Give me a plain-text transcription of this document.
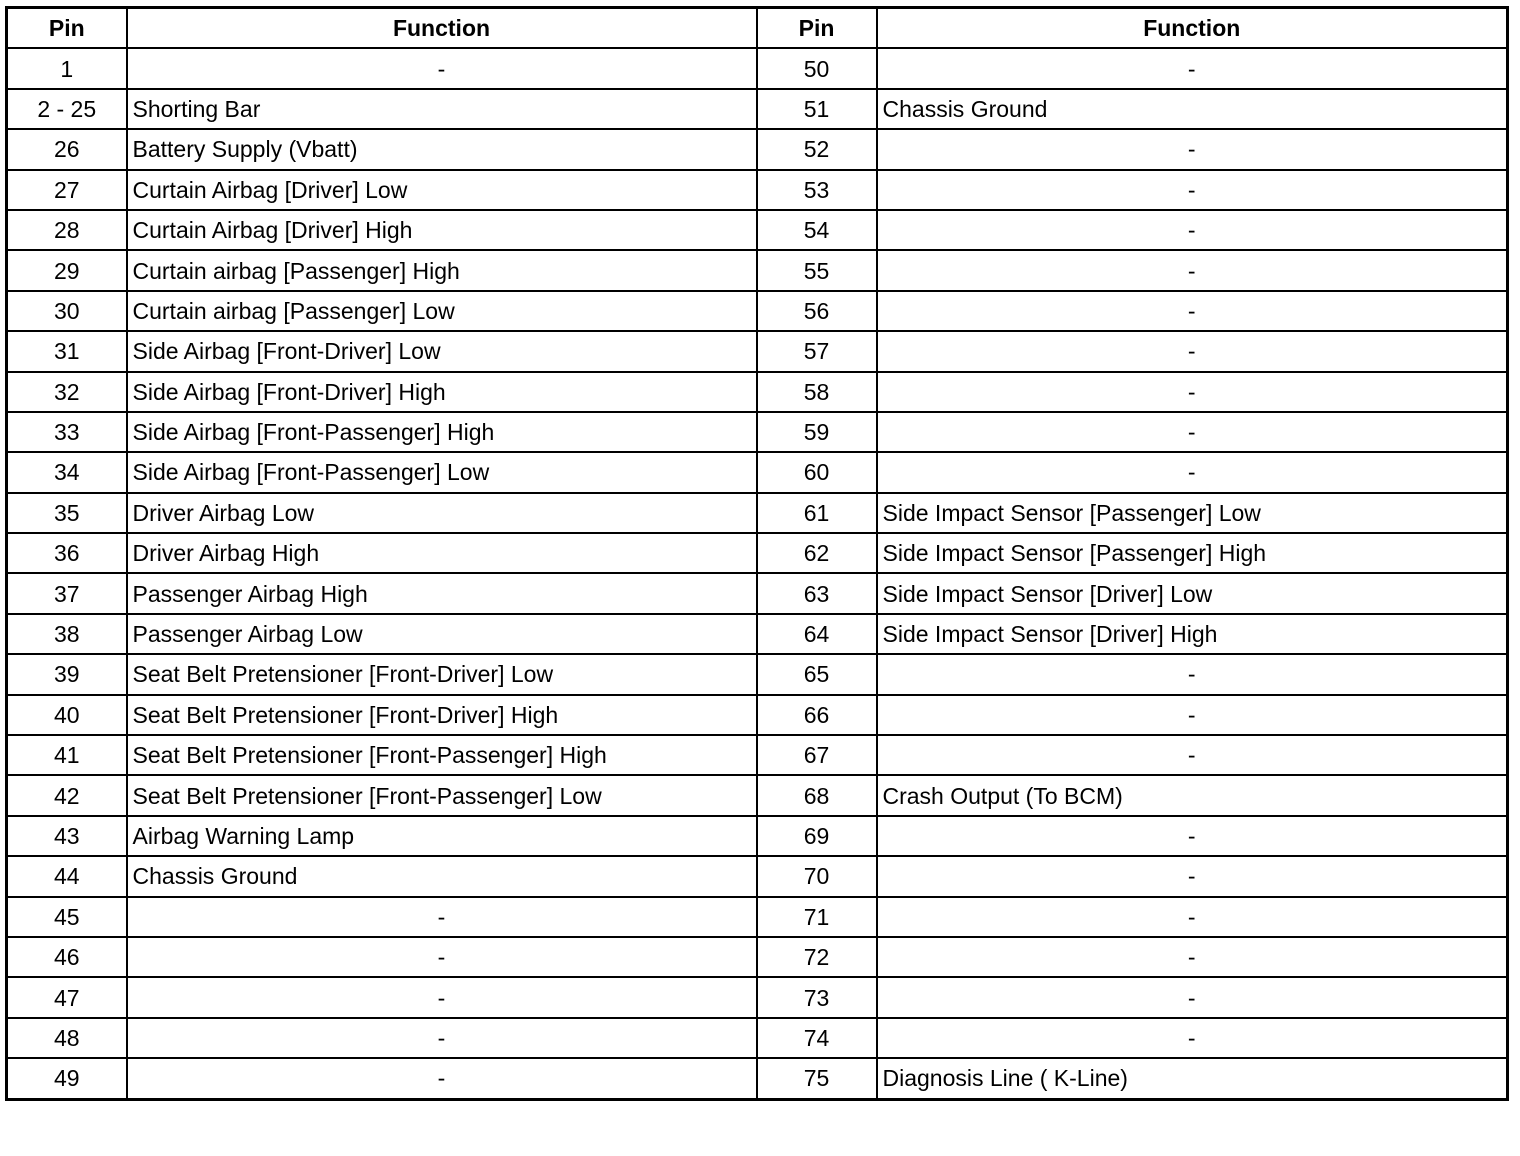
Pin	Function	Pin	Function
1	-	50	-
2 - 25	Shorting Bar	51	Chassis Ground
26	Battery Supply (Vbatt)	52	-
27	Curtain Airbag [Driver] Low	53	-
28	Curtain Airbag [Driver] High	54	-
29	Curtain airbag [Passenger] High	55	-
30	Curtain airbag [Passenger] Low	56	-
31	Side Airbag [Front-Driver] Low	57	-
32	Side Airbag [Front-Driver] High	58	-
33	Side Airbag [Front-Passenger] High	59	-
34	Side Airbag [Front-Passenger] Low	60	-
35	Driver Airbag Low	61	Side Impact Sensor [Passenger] Low
36	Driver Airbag High	62	Side Impact Sensor [Passenger] High
37	Passenger Airbag High	63	Side Impact Sensor [Driver] Low
38	Passenger Airbag Low	64	Side Impact Sensor [Driver] High
39	Seat Belt Pretensioner [Front-Driver] Low	65	-
40	Seat Belt Pretensioner [Front-Driver] High	66	-
41	Seat Belt Pretensioner [Front-Passenger] High	67	-
42	Seat Belt Pretensioner [Front-Passenger] Low	68	Crash Output (To BCM)
43	Airbag Warning Lamp	69	-
44	Chassis Ground	70	-
45	-	71	-
46	-	72	-
47	-	73	-
48	-	74	-
49	-	75	Diagnosis Line ( K-Line)
